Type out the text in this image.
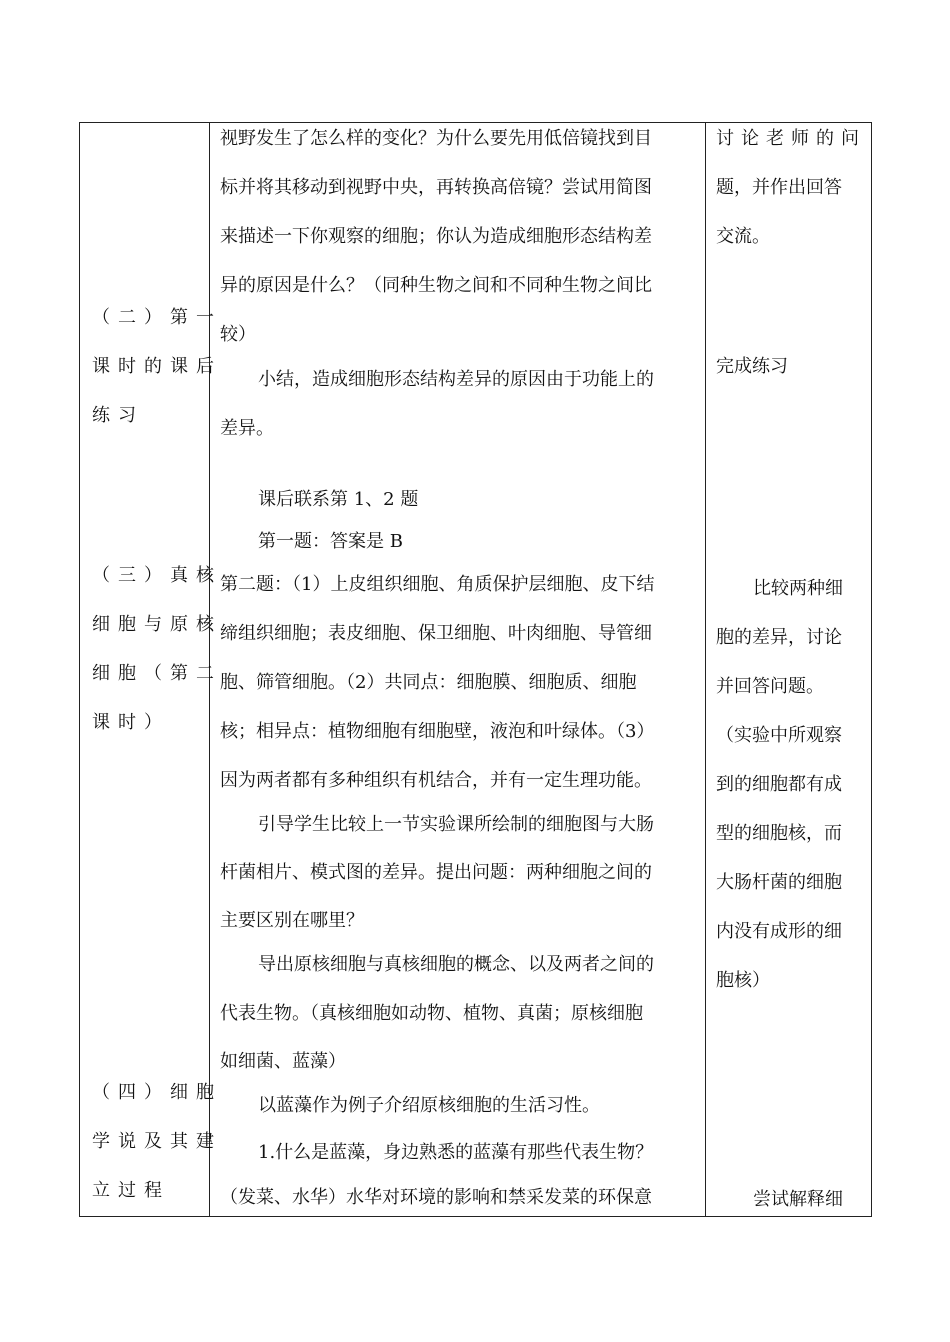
（二）第一
课时的课后
练习
（三）真核
细胞与原核
细胞（第二
课时）
（四）细胞
学说及其建
立过程
视野发生了怎么样的变化？为什么要先用低倍镜找到目
标并将其移动到视野中央，再转换高倍镜？尝试用简图
来描述一下你观察的细胞；你认为造成细胞形态结构差
异的原因是什么？（同种生物之间和不同种生物之间比
较）
小结，造成细胞形态结构差异的原因由于功能上的
差异。
课后联系第 1、2 题
第一题：答案是 B
第二题：（1）上皮组织细胞、角质保护层细胞、皮下结
缔组织细胞；表皮细胞、保卫细胞、叶肉细胞、导管细
胞、筛管细胞。（2）共同点：细胞膜、细胞质、细胞
核；相异点：植物细胞有细胞壁，液泡和叶绿体。（3）
因为两者都有多种组织有机结合，并有一定生理功能。
引导学生比较上一节实验课所绘制的细胞图与大肠
杆菌相片、模式图的差异。提出问题：两种细胞之间的
主要区别在哪里？
导出原核细胞与真核细胞的概念、以及两者之间的
代表生物。（真核细胞如动物、植物、真菌；原核细胞
如细菌、蓝藻）
以蓝藻作为例子介绍原核细胞的生活习性。
1.什么是蓝藻，身边熟悉的蓝藻有那些代表生物？
（发菜、水华）水华对环境的影响和禁采发菜的环保意
讨论老师的问
题，并作出回答
交流。
完成练习
比较两种细
胞的差异，讨论
并回答问题。
（实验中所观察
到的细胞都有成
型的细胞核，而
大肠杆菌的细胞
内没有成形的细
胞核）
尝试解释细
